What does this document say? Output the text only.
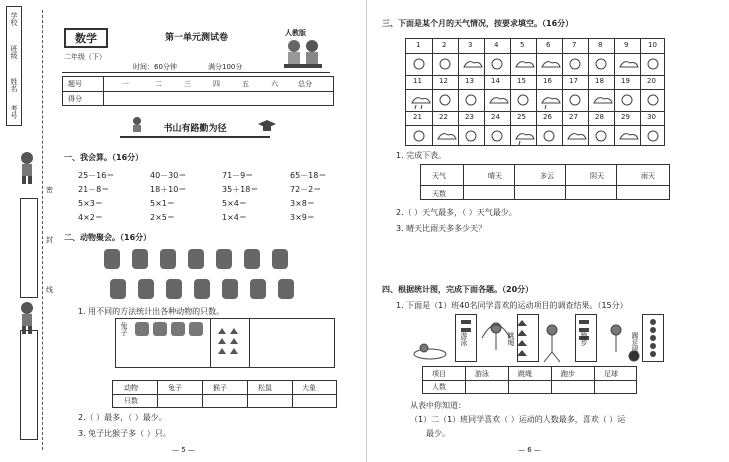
学校
班级
姓名
考号
密
封
线
数学
二年级（下）
第一单元测试卷
时间：60分钟	满分100分
人教版
题号	一	二	三	四	五	六	总分
得分
书山有路勤为径
一、我会算。（16分）
25－16＝	40－30＝	71－9＝	65－18＝
21－8＝	18＋10＝	35＋18＝	72－2＝
5×3＝	5×1＝	5×4＝	3×8＝
4×2＝	2×5＝	1×4＝	3×9＝
二、动物聚会。（16分）
1. 用不同的方法统计出各种动物的只数。
兔子
动物	兔子	猴子	松鼠	大象
只数
2.（ ）最多，（ ）最少。
3. 兔子比猴子多（ ）只。
— 5 —
三、下面是某个月的天气情况，按要求填空。（16分）
1	2	3	4	5	6	7	8	9	10
11 12 13 14 15 16 17 18 19 20
21 22 23 24 25 26 27 28 29 30
1. 完成下表。
天气	晴天	多云	阴天	雨天
天数
2.（ ）天气最多，（ ）天气最少。
3. 晴天比雨天多多少天？
四、根据统计图，完成下面各题。（20分）
1. 下面是（1）班40名同学喜欢的运动项目的调查结果。（15分）
游泳	跳绳	跑步	踢足球
项目	游泳	跳绳	跑步	足球
人数
从表中你知道：
（1）二（1）班同学喜欢（ ）运动的人数最多，喜欢（ ）运
最少。
— 6 —
